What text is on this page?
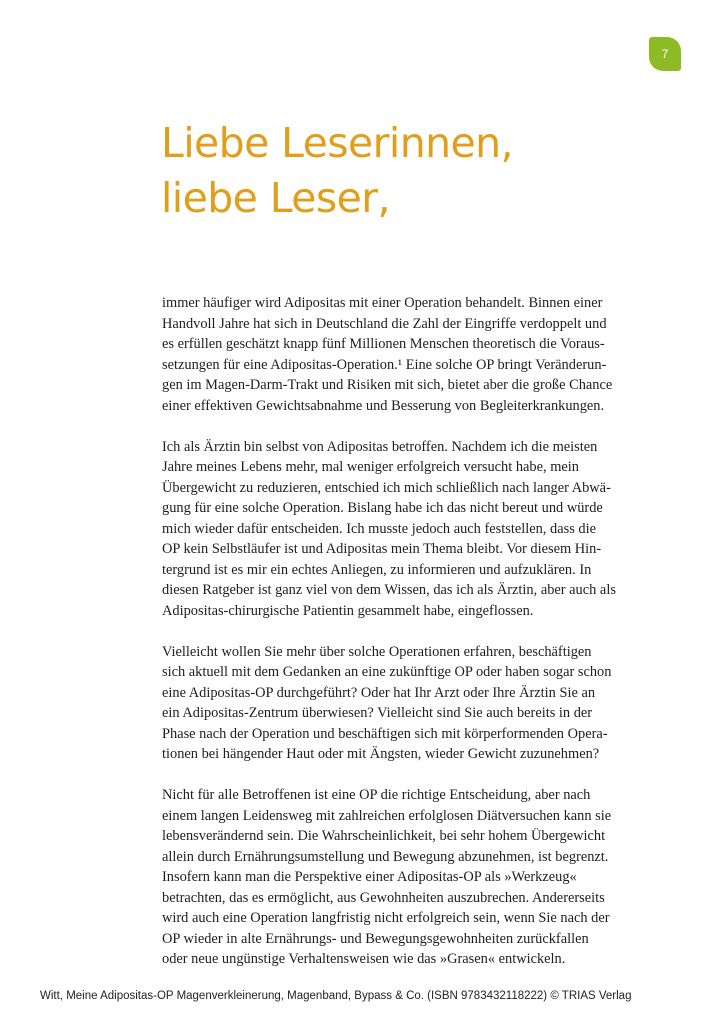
7
Liebe Leserinnen,
liebe Leser,
immer häufiger wird Adipositas mit einer Operation behandelt. Binnen einer
Handvoll Jahre hat sich in Deutschland die Zahl der Eingriffe verdoppelt und
es erfüllen geschätzt knapp fünf Millionen Menschen theoretisch die Voraus-
setzungen für eine Adipositas-Operation.¹ Eine solche OP bringt Veränderun-
gen im Magen-Darm-Trakt und Risiken mit sich, bietet aber die große Chance
einer effektiven Gewichtsabnahme und Besserung von Begleiterkrankungen.
Ich als Ärztin bin selbst von Adipositas betroffen. Nachdem ich die meisten
Jahre meines Lebens mehr, mal weniger erfolgreich versucht habe, mein
Übergewicht zu reduzieren, entschied ich mich schließlich nach langer Abwä-
gung für eine solche Operation. Bislang habe ich das nicht bereut und würde
mich wieder dafür entscheiden. Ich musste jedoch auch feststellen, dass die
OP kein Selbstläufer ist und Adipositas mein Thema bleibt. Vor diesem Hin-
tergrund ist es mir ein echtes Anliegen, zu informieren und aufzuklären. In
diesen Ratgeber ist ganz viel von dem Wissen, das ich als Ärztin, aber auch als
Adipositas-chirurgische Patientin gesammelt habe, eingeflossen.
Vielleicht wollen Sie mehr über solche Operationen erfahren, beschäftigen
sich aktuell mit dem Gedanken an eine zukünftige OP oder haben sogar schon
eine Adipositas-OP durchgeführt? Oder hat Ihr Arzt oder Ihre Ärztin Sie an
ein Adipositas-Zentrum überwiesen? Vielleicht sind Sie auch bereits in der
Phase nach der Operation und beschäftigen sich mit körperformenden Opera-
tionen bei hängender Haut oder mit Ängsten, wieder Gewicht zuzunehmen?
Nicht für alle Betroffenen ist eine OP die richtige Entscheidung, aber nach
einem langen Leidensweg mit zahlreichen erfolglosen Diätversuchen kann sie
lebensverändernd sein. Die Wahrscheinlichkeit, bei sehr hohem Übergewicht
allein durch Ernährungsumstellung und Bewegung abzunehmen, ist begrenzt.
Insofern kann man die Perspektive einer Adipositas-OP als »Werkzeug«
betrachten, das es ermöglicht, aus Gewohnheiten auszubrechen. Andererseits
wird auch eine Operation langfristig nicht erfolgreich sein, wenn Sie nach der
OP wieder in alte Ernährungs- und Bewegungsgewohnheiten zurückfallen
oder neue ungünstige Verhaltensweisen wie das »Grasen« entwickeln.
Witt, Meine Adipositas-OP Magenverkleinerung, Magenband, Bypass & Co. (ISBN 9783432118222) © TRIAS Verlag
